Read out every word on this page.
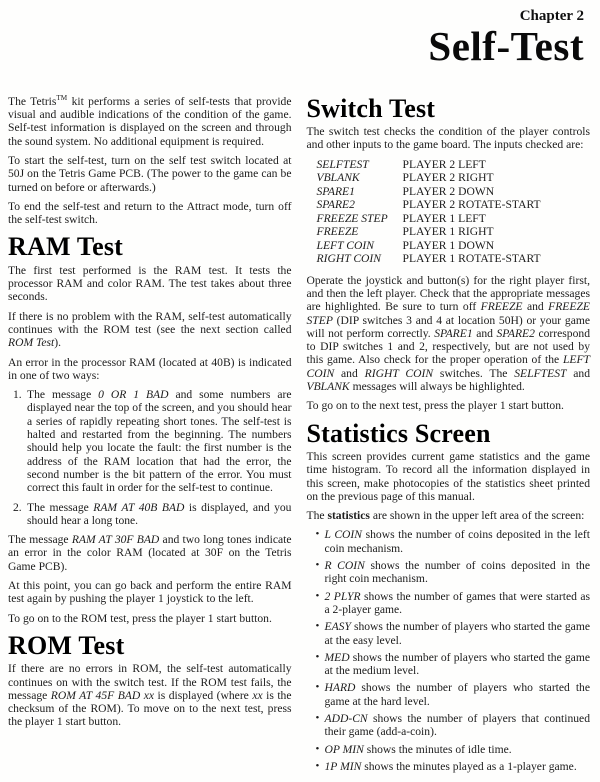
Chapter 2
Self-Test

The Tetris™ kit performs a series of self-tests that provide visual and audible indications of the condition of the game. Self-test information is displayed on the screen and through the sound system. No additional equipment is required.

To start the self-test, turn on the self test switch located at 50J on the Tetris Game PCB. (The power to the game can be turned on before or afterwards.)

To end the self-test and return to the Attract mode, turn off the self-test switch.

RAM Test

The first test performed is the RAM test. It tests the processor RAM and color RAM. The test takes about three seconds.

If there is no problem with the RAM, self-test automatically continues with the ROM test (see the next section called ROM Test).

An error in the processor RAM (located at 40B) is indicated in one of two ways:

1. The message 0 OR 1 BAD and some numbers are displayed near the top of the screen, and you should hear a series of rapidly repeating short tones. The self-test is halted and restarted from the beginning. The numbers should help you locate the fault: the first number is the address of the RAM location that had the error, the second number is the bit pattern of the error. You must correct this fault in order for the self-test to continue.
2. The message RAM AT 40B BAD is displayed, and you should hear a long tone.

The message RAM AT 30F BAD and two long tones indicate an error in the color RAM (located at 30F on the Tetris Game PCB).

At this point, you can go back and perform the entire RAM test again by pushing the player 1 joystick to the left.

To go on to the ROM test, press the player 1 start button.

ROM Test

If there are no errors in ROM, the self-test automatically continues on with the switch test. If the ROM test fails, the message ROM AT 45F BAD xx is displayed (where xx is the checksum of the ROM). To move on to the next test, press the player 1 start button.

Switch Test

The switch test checks the condition of the player controls and other inputs to the game board. The inputs checked are:

SELFTEST	PLAYER 2 LEFT
VBLANK	PLAYER 2 RIGHT
SPARE1	PLAYER 2 DOWN
SPARE2	PLAYER 2 ROTATE-START
FREEZE STEP	PLAYER 1 LEFT
FREEZE	PLAYER 1 RIGHT
LEFT COIN	PLAYER 1 DOWN
RIGHT COIN	PLAYER 1 ROTATE-START

Operate the joystick and button(s) for the right player first, and then the left player. Check that the appropriate messages are highlighted. Be sure to turn off FREEZE and FREEZE STEP (DIP switches 3 and 4 at location 50H) or your game will not perform correctly. SPARE1 and SPARE2 correspond to DIP switches 1 and 2, respectively, but are not used by this game. Also check for the proper operation of the LEFT COIN and RIGHT COIN switches. The SELFTEST and VBLANK messages will always be highlighted.

To go on to the next test, press the player 1 start button.

Statistics Screen

This screen provides current game statistics and the game time histogram. To record all the information displayed in this screen, make photocopies of the statistics sheet printed on the previous page of this manual.

The statistics are shown in the upper left area of the screen:

• L COIN shows the number of coins deposited in the left coin mechanism.
• R COIN shows the number of coins deposited in the right coin mechanism.
• 2 PLYR shows the number of games that were started as a 2-player game.
• EASY shows the number of players who started the game at the easy level.
• MED shows the number of players who started the game at the medium level.
• HARD shows the number of players who started the game at the hard level.
• ADD-CN shows the number of players that continued their game (add-a-coin).
• OP MIN shows the minutes of idle time.
• 1P MIN shows the minutes played as a 1-player game.
